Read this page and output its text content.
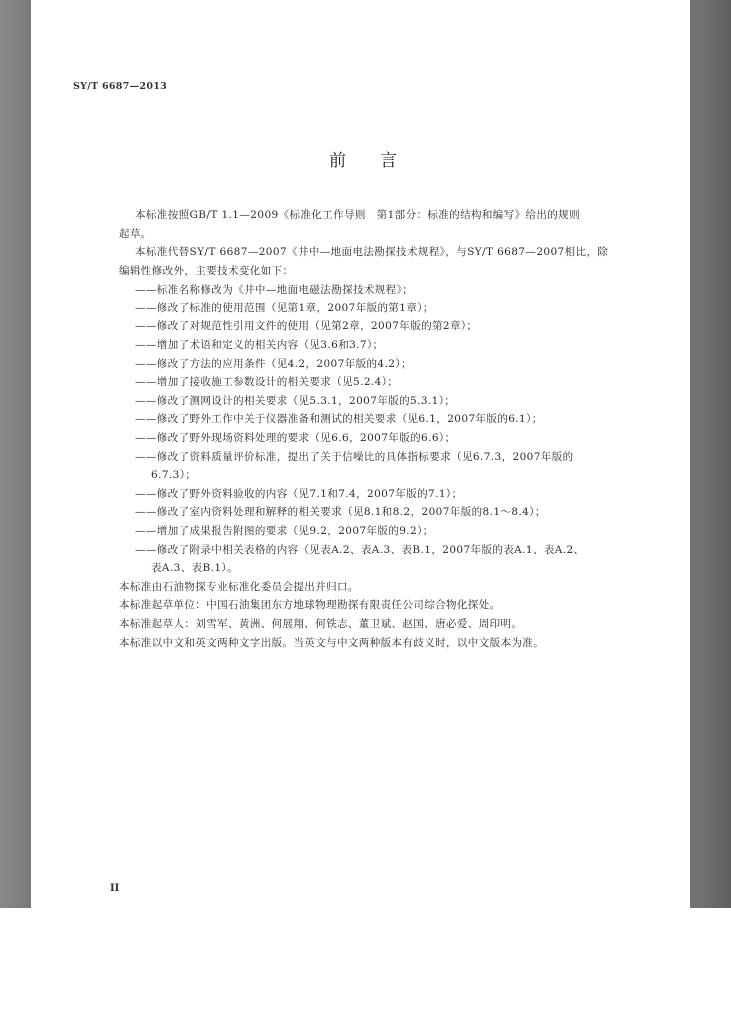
SY/T 6687—2013
前言
本标准按照GB/T 1.1—2009《标准化工作导则　第1部分：标准的结构和编写》给出的规则
起草。
本标准代替SY/T 6687—2007《井中—地面电法勘探技术规程》，与SY/T 6687—2007相比，除
编辑性修改外，主要技术变化如下：
——标准名称修改为《井中—地面电磁法勘探技术规程》；
——修改了标准的使用范围（见第1章，2007年版的第1章）；
——修改了对规范性引用文件的使用（见第2章，2007年版的第2章）；
——增加了术语和定义的相关内容（见3.6和3.7）；
——修改了方法的应用条件（见4.2，2007年版的4.2）；
——增加了接收施工参数设计的相关要求（见5.2.4）；
——修改了测网设计的相关要求（见5.3.1，2007年版的5.3.1）；
——修改了野外工作中关于仪器准备和测试的相关要求（见6.1，2007年版的6.1）；
——修改了野外现场资料处理的要求（见6.6，2007年版的6.6）；
——修改了资料质量评价标准，提出了关于信噪比的具体指标要求（见6.7.3，2007年版的
6.7.3）；
——修改了野外资料验收的内容（见7.1和7.4，2007年版的7.1）；
——修改了室内资料处理和解释的相关要求（见8.1和8.2，2007年版的8.1～8.4）；
——增加了成果报告附图的要求（见9.2，2007年版的9.2）；
——修改了附录中相关表格的内容（见表A.2、表A.3、表B.1，2007年版的表A.1、表A.2、
表A.3、表B.1）。
本标准由石油物探专业标准化委员会提出并归口。
本标准起草单位：中国石油集团东方地球物理勘探有限责任公司综合物化探处。
本标准起草人：刘雪军、黄洲、何展翔、何铁志、董卫斌、赵国、唐必爱、周印明。
本标准以中文和英文两种文字出版。当英文与中文两种版本有歧义时，以中文版本为准。
II
